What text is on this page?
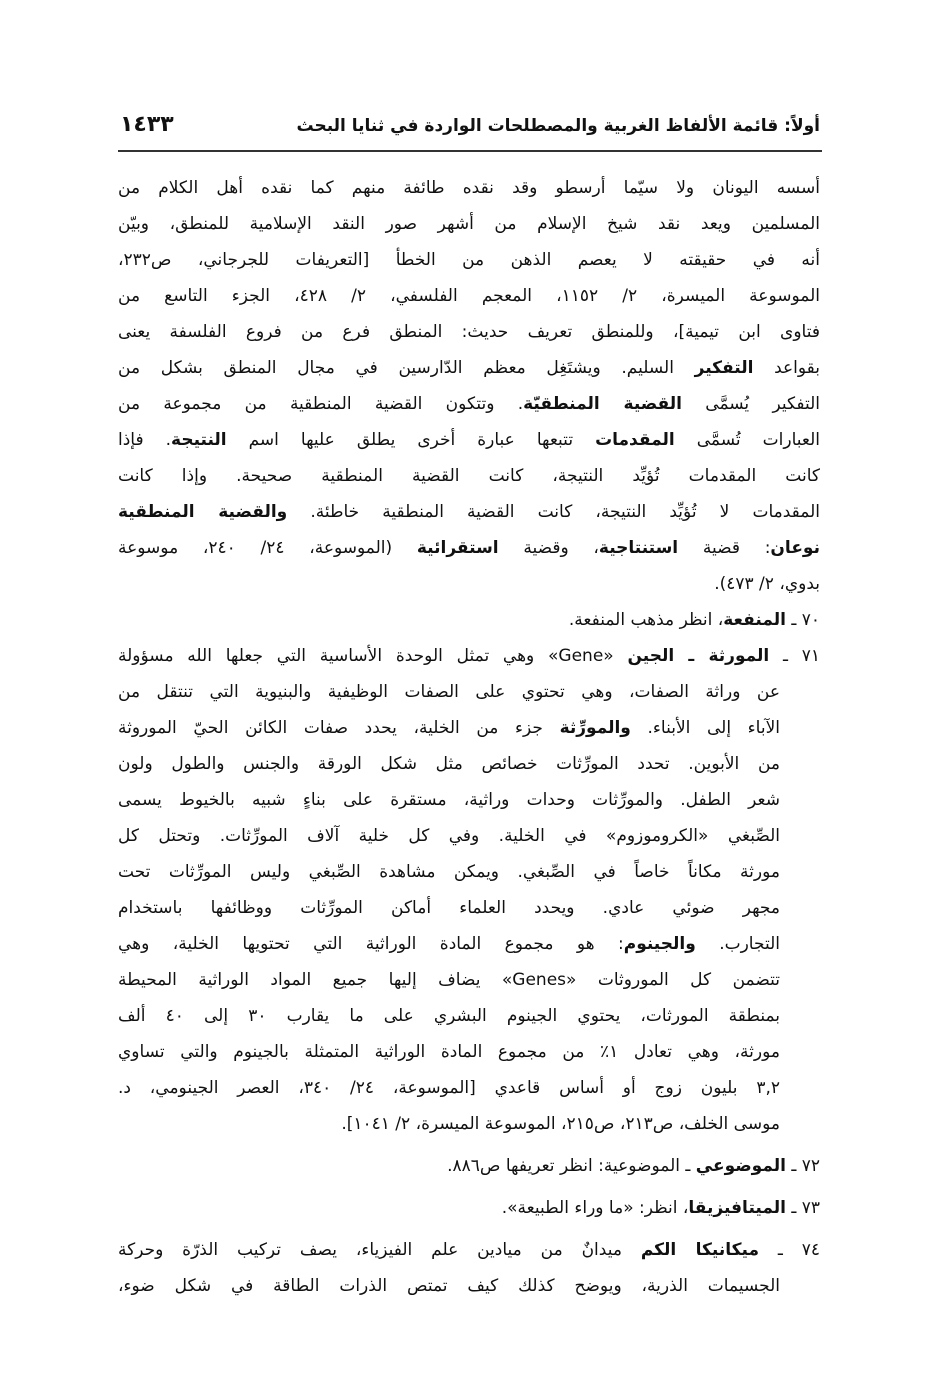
أولاً: قائمة الألفاظ الغربية والمصطلحات الواردة في ثنايا البحث
١٤٣٣
أسسه اليونان ولا سيّما أرسطو وقد نقده طائفة منهم كما نقده أهل الكلام من
المسلمين ويعد نقد شيخ الإسلام من أشهر صور النقد الإسلامية للمنطق، وبيّن
أنه في حقيقته لا يعصم الذهن من الخطأ [التعريفات للجرجاني، ص٢٣٢،
الموسوعة الميسرة، ٢/ ١١٥٢، المعجم الفلسفي، ٢/ ٤٢٨، الجزء التاسع من
فتاوى ابن تيمية]، وللمنطق تعريف حديث: المنطق فرع من فروع الفلسفة يعنى
بقواعد التفكير السليم. ويشتَغِل معظم الدّارسين في مجال المنطق بشكل من
التفكير يُسمَّى القضية المنطقيّة. وتتكون القضية المنطقية من مجموعة من
العبارات تُسمَّى المقدمات تتبعها عبارة أخرى يطلق عليها اسم النتيجة. فإذا
كانت المقدمات تُؤيِّد النتيجة، كانت القضية المنطقية صحيحة. وإذا كانت
المقدمات لا تُؤيِّد النتيجة، كانت القضية المنطقية خاطئة. والقضية المنطقية
نوعان: قضية استنتاجية، وقضية استقرائية (الموسوعة، ٢٤/ ٢٤٠، موسوعة
بدوي، ٢/ ٤٧٣).
٧٠ ـ المنفعة، انظر مذهب المنفعة.
٧١ ـ المورثة ـ الجين «Gene» وهي تمثل الوحدة الأساسية التي جعلها الله مسؤولة
عن وراثة الصفات، وهي تحتوي على الصفات الوظيفية والبنيوية التي تنتقل من
الآباء إلى الأبناء. والمورِّثة جزء من الخلية، يحدد صفات الكائن الحيّ الموروثة
من الأبوين. تحدد المورِّثات خصائص مثل شكل الورقة والجنس والطول ولون
شعر الطفل. والمورِّثات وحدات وراثية، مستقرة على بناءٍ شبيه بالخيوط يسمى
الصِّبغي «الكروموزوم» في الخلية. وفي كل خلية آلاف المورِّثات. وتحتل كل
مورثة مكاناً خاصاً في الصِّبغي. ويمكن مشاهدة الصِّبغي وليس المورِّثات تحت
مجهر ضوئي عادي. ويحدد العلماء أماكن المورِّثات ووظائفها باستخدام
التجارب. والجينوم: هو مجموع المادة الوراثية التي تحتويها الخلية، وهي
تتضمن كل الموروثات «Genes» يضاف إليها جميع المواد الوراثية المحيطة
بمنطقة المورثات، يحتوي الجينوم البشري على ما يقارب ٣٠ إلى ٤٠ ألف
مورثة، وهي تعادل ١٪ من مجموع المادة الوراثية المتمثلة بالجينوم والتي تساوي
٣,٢ بليون زوج أو أساس قاعدي [الموسوعة، ٢٤/ ٣٤٠، العصر الجينومي، د.
موسى الخلف، ص٢١٣، ص٢١٥، الموسوعة الميسرة، ٢/ ١٠٤١].
٧٢ ـ الموضوعي ـ الموضوعية: انظر تعريفها ص٨٨٦.
٧٣ ـ الميتافيزيقا، انظر: «ما وراء الطبيعة».
٧٤ ـ ميكانيكا الكم ميدانٌ من ميادين علم الفيزياء، يصف تركيب الذرّة وحركة
الجسيمات الذرية، ويوضح كذلك كيف تمتص الذرات الطاقة في شكل ضوء،
